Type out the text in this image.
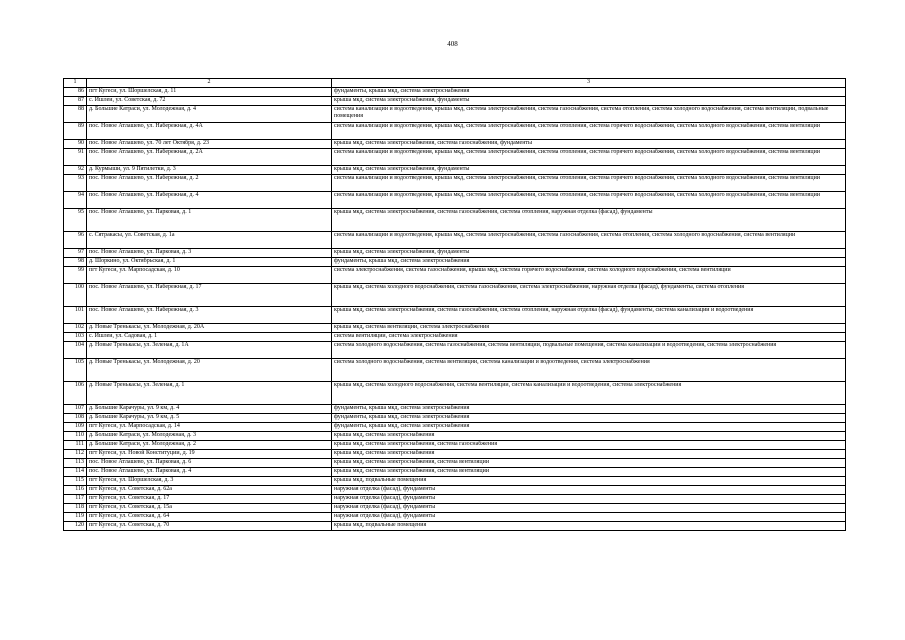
408
1	2	3
86	пгт Кугеси, ул. Шоршелская, д. 11	фундаменты, крыша мкд, система электроснабжения
87	с. Ишлеи, ул. Советская, д. 72	крыша мкд, система электроснабжения, фундаменты
88	д. Большие Катраси, ул. Молодежная, д. 4	система канализации и водоотведения, крыша мкд, система электроснабжения, система газоснабжения, система отопления, система холодного водоснабжения, система вентиляции, подвальные помещения
89	пос. Новое Атлашево, ул. Набережная, д. 4А	система канализации и водоотведения, крыша мкд, система электроснабжения, система отопления, система горячего водоснабжения, система холодного водоснабжения, система вентиляции
90	пос. Новое Атлашево, ул. 70 лет Октября, д. 23	крыша мкд, система электроснабжения, система газоснабжения, фундаменты
91	пос. Новое Атлашево, ул. Набережная, д. 2А	система канализации и водоотведения, крыша мкд, система электроснабжения, система отопления, система горячего водоснабжения, система холодного водоснабжения, система вентиляции
92	д. Курмыши, ул. 9 Пятилетки, д. 3	крыша мкд, система электроснабжения, фундаменты
93	пос. Новое Атлашево, ул. Набережная, д. 2	система канализации и водоотведения, крыша мкд, система электроснабжения, система отопления, система горячего водоснабжения, система холодного водоснабжения, система вентиляции
94	пос. Новое Атлашево, ул. Набережная, д. 4	система канализации и водоотведения, крыша мкд, система электроснабжения, система отопления, система горячего водоснабжения, система холодного водоснабжения, система вентиляции
95	пос. Новое Атлашево, ул. Парковая, д. 1	крыша мкд, система электроснабжения, система газоснабжения, система отопления, наружная отделка (фасад), фундаменты
96	с. Сятракасы, ул. Советская, д. 1а	система канализации и водоотведения, крыша мкд, система электроснабжения, система газоснабжения, система отопления, система холодного водоснабжения, система вентиляции
97	пос. Новое Атлашево, ул. Парковая, д. 3	крыша мкд, система электроснабжения, фундаменты
98	д. Шоркино, ул. Октябрьская, д. 1	фундаменты, крыша мкд, система электроснабжения
99	пгт Кугеси, ул. Марпосадская, д. 10	система электроснабжения, система газоснабжения, крыша мкд, система горячего водоснабжения, система холодного водоснабжения, система вентиляции
100	пос. Новое Атлашево, ул. Набережная, д. 17	крыша мкд, система холодного водоснабжения, система газоснабжения, система электроснабжения, наружная отделка (фасад), фундаменты, система отопления
101	пос. Новое Атлашево, ул. Набережная, д. 3	крыша мкд, система электроснабжения, система газоснабжения, система отопления, наружная отделка (фасад), фундаменты, система канализации и водоотведения
102	д. Новые Тренькасы, ул. Молодежная, д. 20А	крыша мкд, система вентиляции, система электроснабжения
103	с. Ишлеи, ул. Садовая, д. 1	система вентиляции, система электроснабжения
104	д. Новые Тренькасы, ул. Зеленая, д. 1А	система холодного водоснабжения, система газоснабжения, система вентиляции, подвальные помещения, система канализации и водоотведения, система электроснабжения
105	д. Новые Тренькасы, ул. Молодежная, д. 20	система холодного водоснабжения, система вентиляции, система канализации и водоотведения, система электроснабжения
106	д. Новые Тренькасы, ул. Зеленая, д. 1	крыша мкд, система холодного водоснабжения, система вентиляции, система канализации и водоотведения, система электроснабжения
107	д. Большие Карачуры, ул. 9 км, д. 4	фундаменты, крыша мкд, система электроснабжения
108	д. Большие Карачуры, ул. 9 км, д. 5	фундаменты, крыша мкд, система электроснабжения
109	пгт Кугеси, ул. Марпосадская, д. 14	фундаменты, крыша мкд, система электроснабжения
110	д. Большие Катраси, ул. Молодежная, д. 3	крыша мкд, система электроснабжения
111	д. Большие Катраси, ул. Молодежная, д. 2	крыша мкд, система электроснабжения, система газоснабжения
112	пгт Кугеси, ул. Новой Конституции, д. 19	крыша мкд, система электроснабжения
113	пос. Новое Атлашево, ул. Парковая, д. 6	крыша мкд, система электроснабжения, система вентиляции
114	пос. Новое Атлашево, ул. Парковая, д. 4	крыша мкд, система электроснабжения, система вентиляции
115	пгт Кугеси, ул. Шоршелская, д. 3	крыша мкд, подвальные помещения
116	пгт Кугеси, ул. Советская, д. 62а	наружная отделка (фасад), фундаменты
117	пгт Кугеси, ул. Советская, д. 17	наружная отделка (фасад), фундаменты
118	пгт Кугеси, ул. Советская, д. 15а	наружная отделка (фасад), фундаменты
119	пгт Кугеси, ул. Советская, д. 64	наружная отделка (фасад), фундаменты
120	пгт Кугеси, ул. Советская, д. 70	крыша мкд, подвальные помещения
